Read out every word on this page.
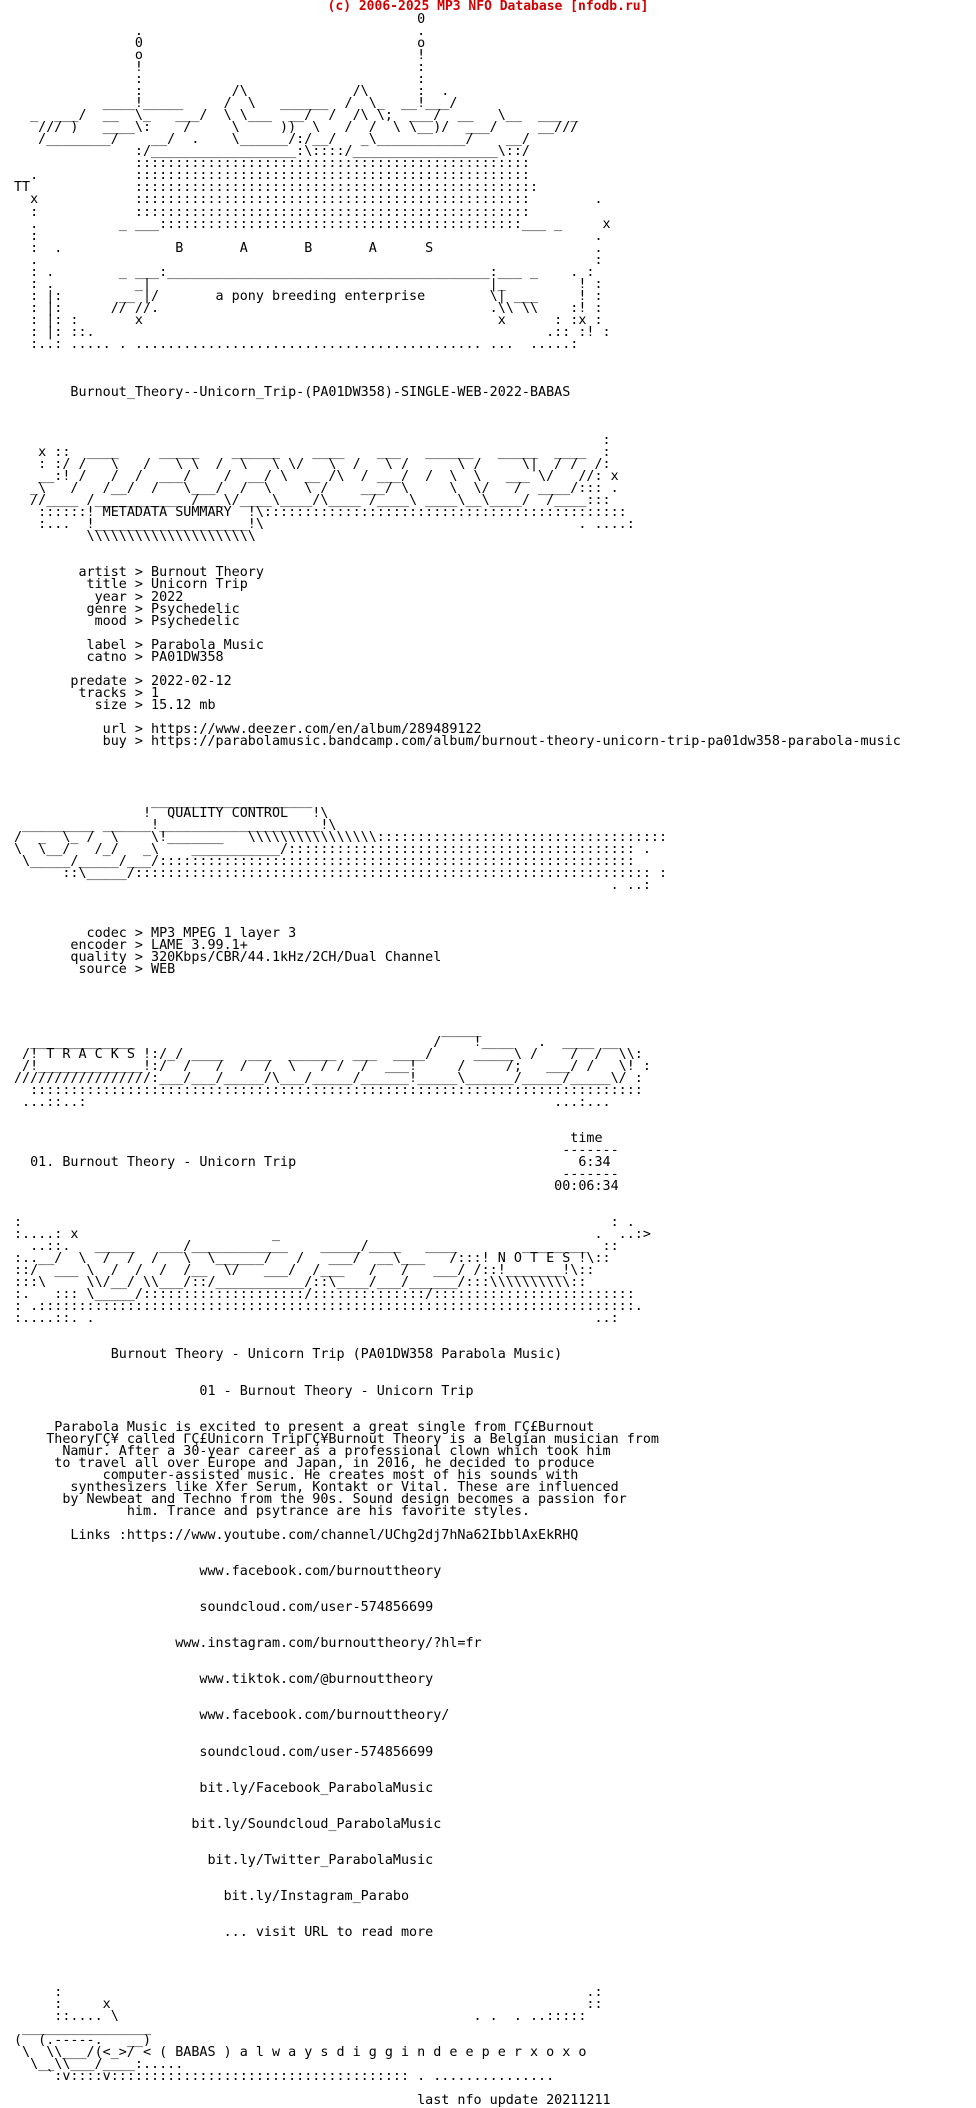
(c) 2006-2025 MP3 NFO Database [nfodb.ru]
0
.                                  .
0                                  o
o                                  !
!                                  :
:                                  :
:           /\             /\      :  .
____!_____     /  \   ______  /  \_  __!___/
_  ___/  __  \_   ___/  \ \___  __/  /  /\ \;  ___/  __   \__  ___ _
/// )   ____\:    /     \     ))  \   /  /  \ \__)/  ___/     __///
/________/    __/  .    \______/:/__/   _\___________/    __/
:/__________________:\::::/__________________\::/
:::::::::::::::::::::::::::::::::::::::::::::::::
.            :::::::::::::::::::::::::::::::::::::::::::::::::
TT             ::::::::::::::::::::::::::::::::::::::::::::::::::
x            :::::::::::::::::::::::::::::::::::::::::::::::::        .
:            :::::::::::::::::::::::::::::::::::::::::::::::::
.          _ ___:::::::::::::::::::::::::::::::::::::::::::::___ _     x
:                                                                     .
:  .              B       A       B       A      S                    .
.                                                                     :
: .        _ ___:________________________________________:___ _    . :
: .          _|                                          |_         ! :
: |:       __ |/       a pony breeding enterprise        \| ___     ! :
: |:      // //.                                         .\\ \\    :! :
: |: :       x                                            x      : :x :
: |: ::.                                                        .:: :! :
:..: ..... . ........................................... ...  .....:
Burnout_Theory--Unicorn_Trip-(PA01DW358)-SINGLE-WEB-2022-BABAS
:
x ::  ____     _____    ______    ____    ___   ______   _____  ____  :
: :/ /   \   /   \ \  /  \   \ \/   \  /   \ /      \ /     \|  / /  /:
__:! /   /  /  ___/    /  __/ \  __ /\  / ___/  /  \  \   ___ \/   //: x
_\   /   /__/  /   \___/  /  \    \ /    ___/ \     \  \/   /  ____/::: .
//____ /___________ /___\/____\____/\____ /____\ ____\__\____/  /____:::
::::::! METADATA SUMMARY  !\:::::::::::::::::::::::::::::::::::::::::::::
:...  !___________________!\                                       . ....:
\\\\\\\\\\\\\\\\\\\\\
artist > Burnout Theory
title > Unicorn Trip
year > 2022
genre > Psychedelic
mood > Psychedelic
label > Parabola Music
catno > PA01DW358
predate > 2022-02-12
tracks > 1
size > 15.12 mb
url > https://www.deezer.com/en/album/289489122
buy > https://parabolamusic.bandcamp.com/album/burnout-theory-unicorn-trip-pa01dw358-parabola-music
____________________
!  QUALITY CONTROL   !\
_________ ______!____________________!\
/  _  \_ /  \    \!_______   \\\\\\\\\\\\\\\\::::::::::::::::::::::::::::::::::::
\  \__/   /_/   _\    ___________/::::::::::::::::::::::::::::::::::::::::::: .
\_____/_____/___/:::::::::::::::::::::::::::::::::::::::::::::::::::::::::::
::\_____/:::::::::::::::::::::::::::::::::::::::::::::::::::::::::::::::: :
. ..:
codec > MP3 MPEG 1 layer 3
encoder > LAME 3.99.1+
quality > 320Kbps/CBR/44.1kHz/2CH/Dual Channel
source > WEB
_____
_____________                                     /    !____   .  ____ __
/! T R A C K S !:/_/ ____   ___  ______  ___  ____/     _____\ /    /  /  \\:
/!_____________!:/  /   /  /  /  \   / /  /  ___!     /     /;   ___/ /   \! :
/////////////////:___/___/_____/\___/_____/______!_____\______/_____/_____\/ :
::::::::::::::::::::::::::::::::::::::::::::::::::::::::::::::::::::::::::::
...::..:                                                          ...:...
time
-------
01. Burnout Theory - Unicorn Trip                                   6:34
-------
00:06:34
:                                                                         : .
:....: x                        _                                       .  ..:>
..::.   _____   ___/____________    _____/____   ____        ________  ::
:..__/  \  /  /  /   \  \______/   /   ___/  __\___   /:::! N O T E S !\::
::/  ___ \  /  /  /  /__  \/   ___/  /___   /   /   ___/ /::!_______!\::
:::\     \\/__/ \\___/::/___________/::\____/___/______/:::\\\\\\\\\\::
:.   ::: \_____/::::::::::::::::::::/::::::::::::::/:::::::::::::::::::::::::
: .::::::::::::::::::::::::::::::::::::::::::::::::::::::::::::::::::::::::::.
:....::. .                                                              ..:
Burnout Theory - Unicorn Trip (PA01DW358 Parabola Music)
01 - Burnout Theory - Unicorn Trip
Parabola Music is excited to present a great single from ΓÇ£Burnout
TheoryΓÇ¥ called ΓÇ£Unicorn TripΓÇ¥Burnout Theory is a Belgian musician from
Namur. After a 30-year career as a professional clown which took him
to travel all over Europe and Japan, in 2016, he decided to produce
computer-assisted music. He creates most of his sounds with
synthesizers like Xfer Serum, Kontakt or Vital. These are influenced
by Newbeat and Techno from the 90s. Sound design becomes a passion for
him. Trance and psytrance are his favorite styles.
Links :https://www.youtube.com/channel/UChg2dj7hNa62IbblAxEkRHQ
www.facebook.com/burnouttheory
soundcloud.com/user-574856699
www.instagram.com/burnouttheory/?hl=fr
www.tiktok.com/@burnouttheory
www.facebook.com/burnouttheory/
soundcloud.com/user-574856699
bit.ly/Facebook_ParabolaMusic
bit.ly/Soundcloud_ParabolaMusic
bit.ly/Twitter_ParabolaMusic
bit.ly/Instagram_Parabo
... visit URL to read more
:                                                                 .:
:     x                                                           ::
::.... \                                            . .  . ..:::::
________________
(  (.-----.   __)
\  \\___/(<_>/ < ( BABAS ) a l w a y s d i g g i n d e e p e r x o x o
\__\\___/____:.....
`:v::::v::::::::::::::::::::::::::::::::::::: . ...............
last nfo update 20211211
